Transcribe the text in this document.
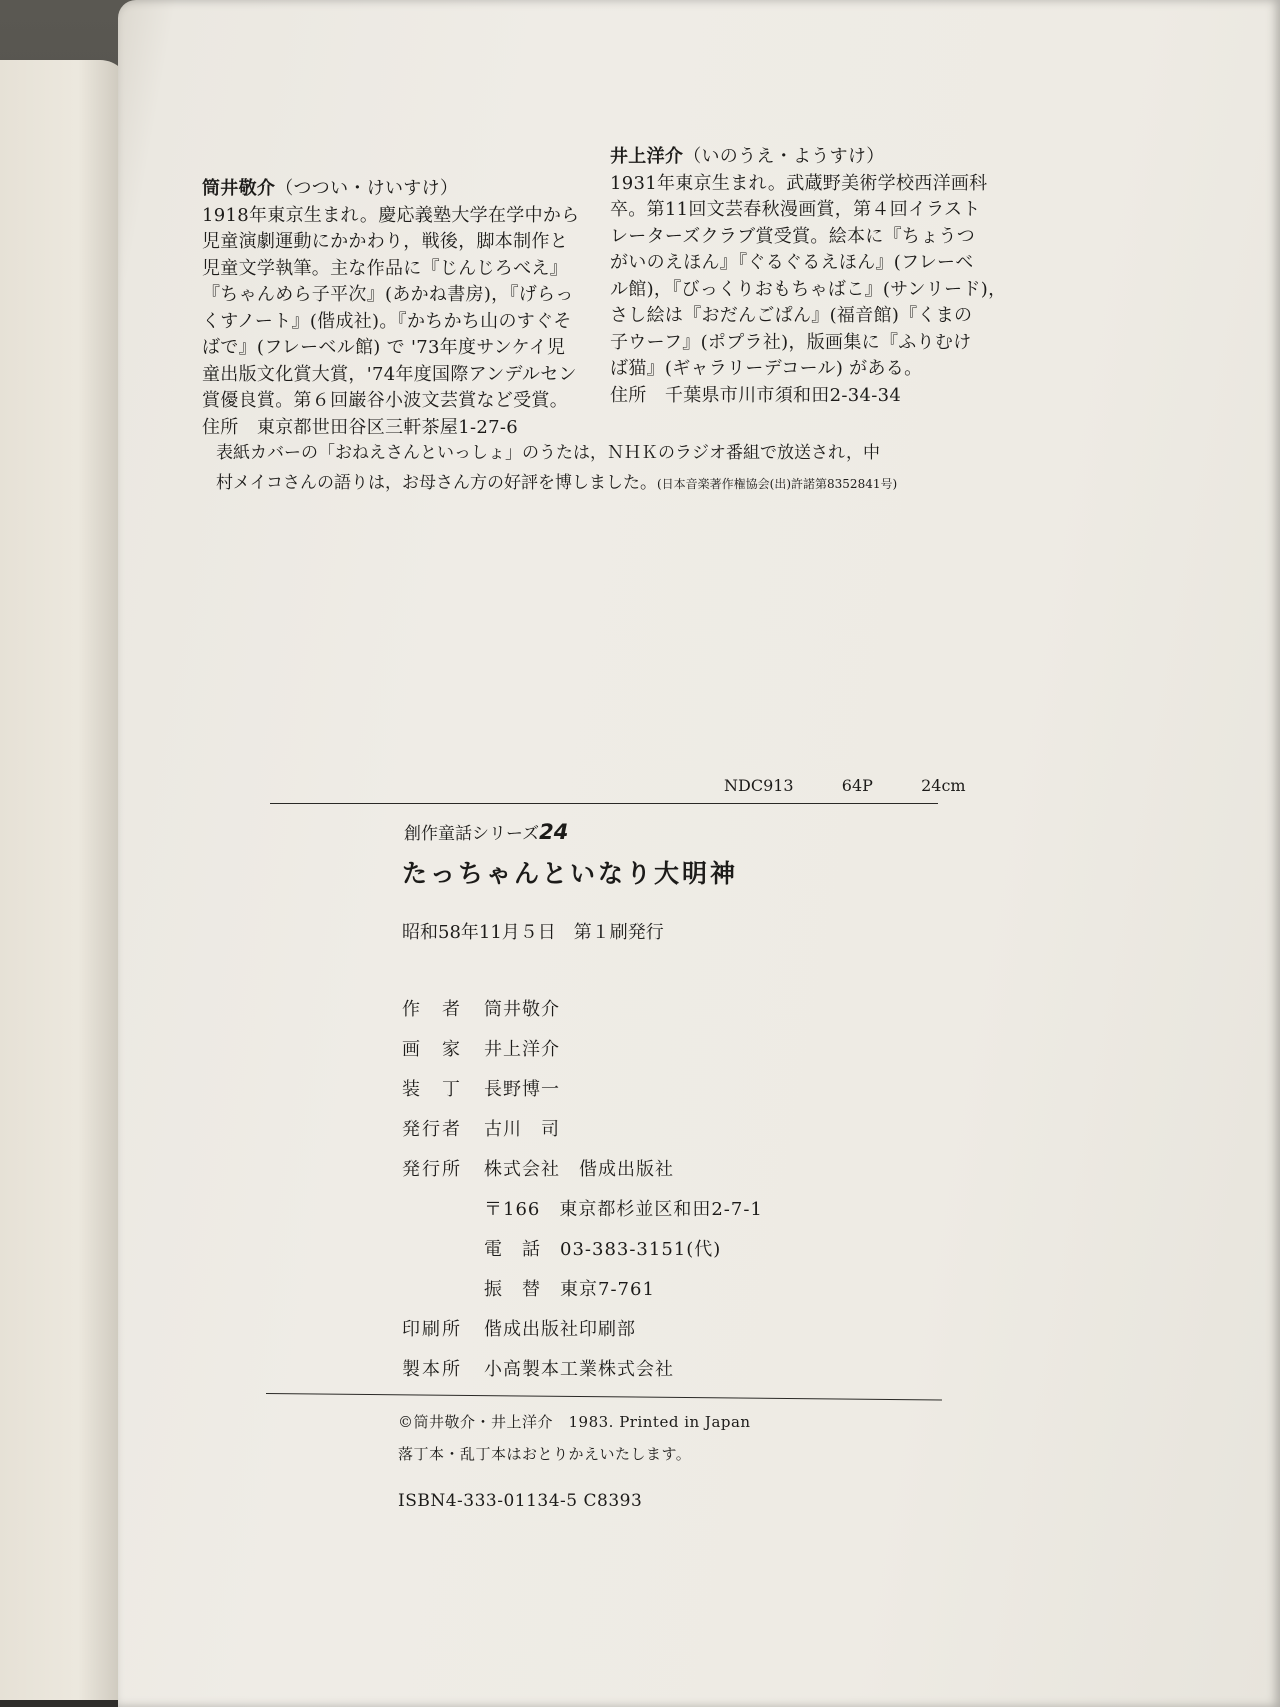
筒井敬介（つつい・けいすけ）
1918年東京生まれ。慶応義塾大学在学中から
児童演劇運動にかかわり，戦後，脚本制作と
児童文学執筆。主な作品に『じんじろべえ』
『ちゃんめら子平次』(あかね書房)，『げらっ
くすノート』(偕成社)。『かちかち山のすぐそ
ばで』(フレーベル館) で '73年度サンケイ児
童出版文化賞大賞，'74年度国際アンデルセン
賞優良賞。第６回巌谷小波文芸賞など受賞。
住所　東京都世田谷区三軒茶屋1-27-6
井上洋介（いのうえ・ようすけ）
1931年東京生まれ。武蔵野美術学校西洋画科
卒。第11回文芸春秋漫画賞，第４回イラスト
レーターズクラブ賞受賞。絵本に『ちょうつ
がいのえほん』『ぐるぐるえほん』(フレーベ
ル館)，『びっくりおもちゃばこ』(サンリード)，
さし絵は『おだんごぱん』(福音館)『くまの
子ウーフ』(ポプラ社)，版画集に『ふりむけ
ば猫』(ギャラリーデコール) がある。
住所　千葉県市川市須和田2-34-34
表紙カバーの「おねえさんといっしょ」のうたは，ＮＨＫのラジオ番組で放送され，中
村メイコさんの語りは，お母さん方の好評を博しました。(日本音楽著作権協会(出)許諾第8352841号)
NDC913	64P	24cm
創作童話シリーズ24
たっちゃんといなり大明神
昭和58年11月５日　第１刷発行
作　者 筒井敬介
画　家 井上洋介
装　丁 長野博一
発行者 古川　司
発行所 株式会社　偕成出版社
〒166　東京都杉並区和田2-7-1
電　話　03-383-3151(代)
振　替　東京7-761
印刷所 偕成出版社印刷部
製本所 小高製本工業株式会社
©筒井敬介・井上洋介　1983. Printed in Japan
落丁本・乱丁本はおとりかえいたします。
ISBN4-333-01134-5 C8393
